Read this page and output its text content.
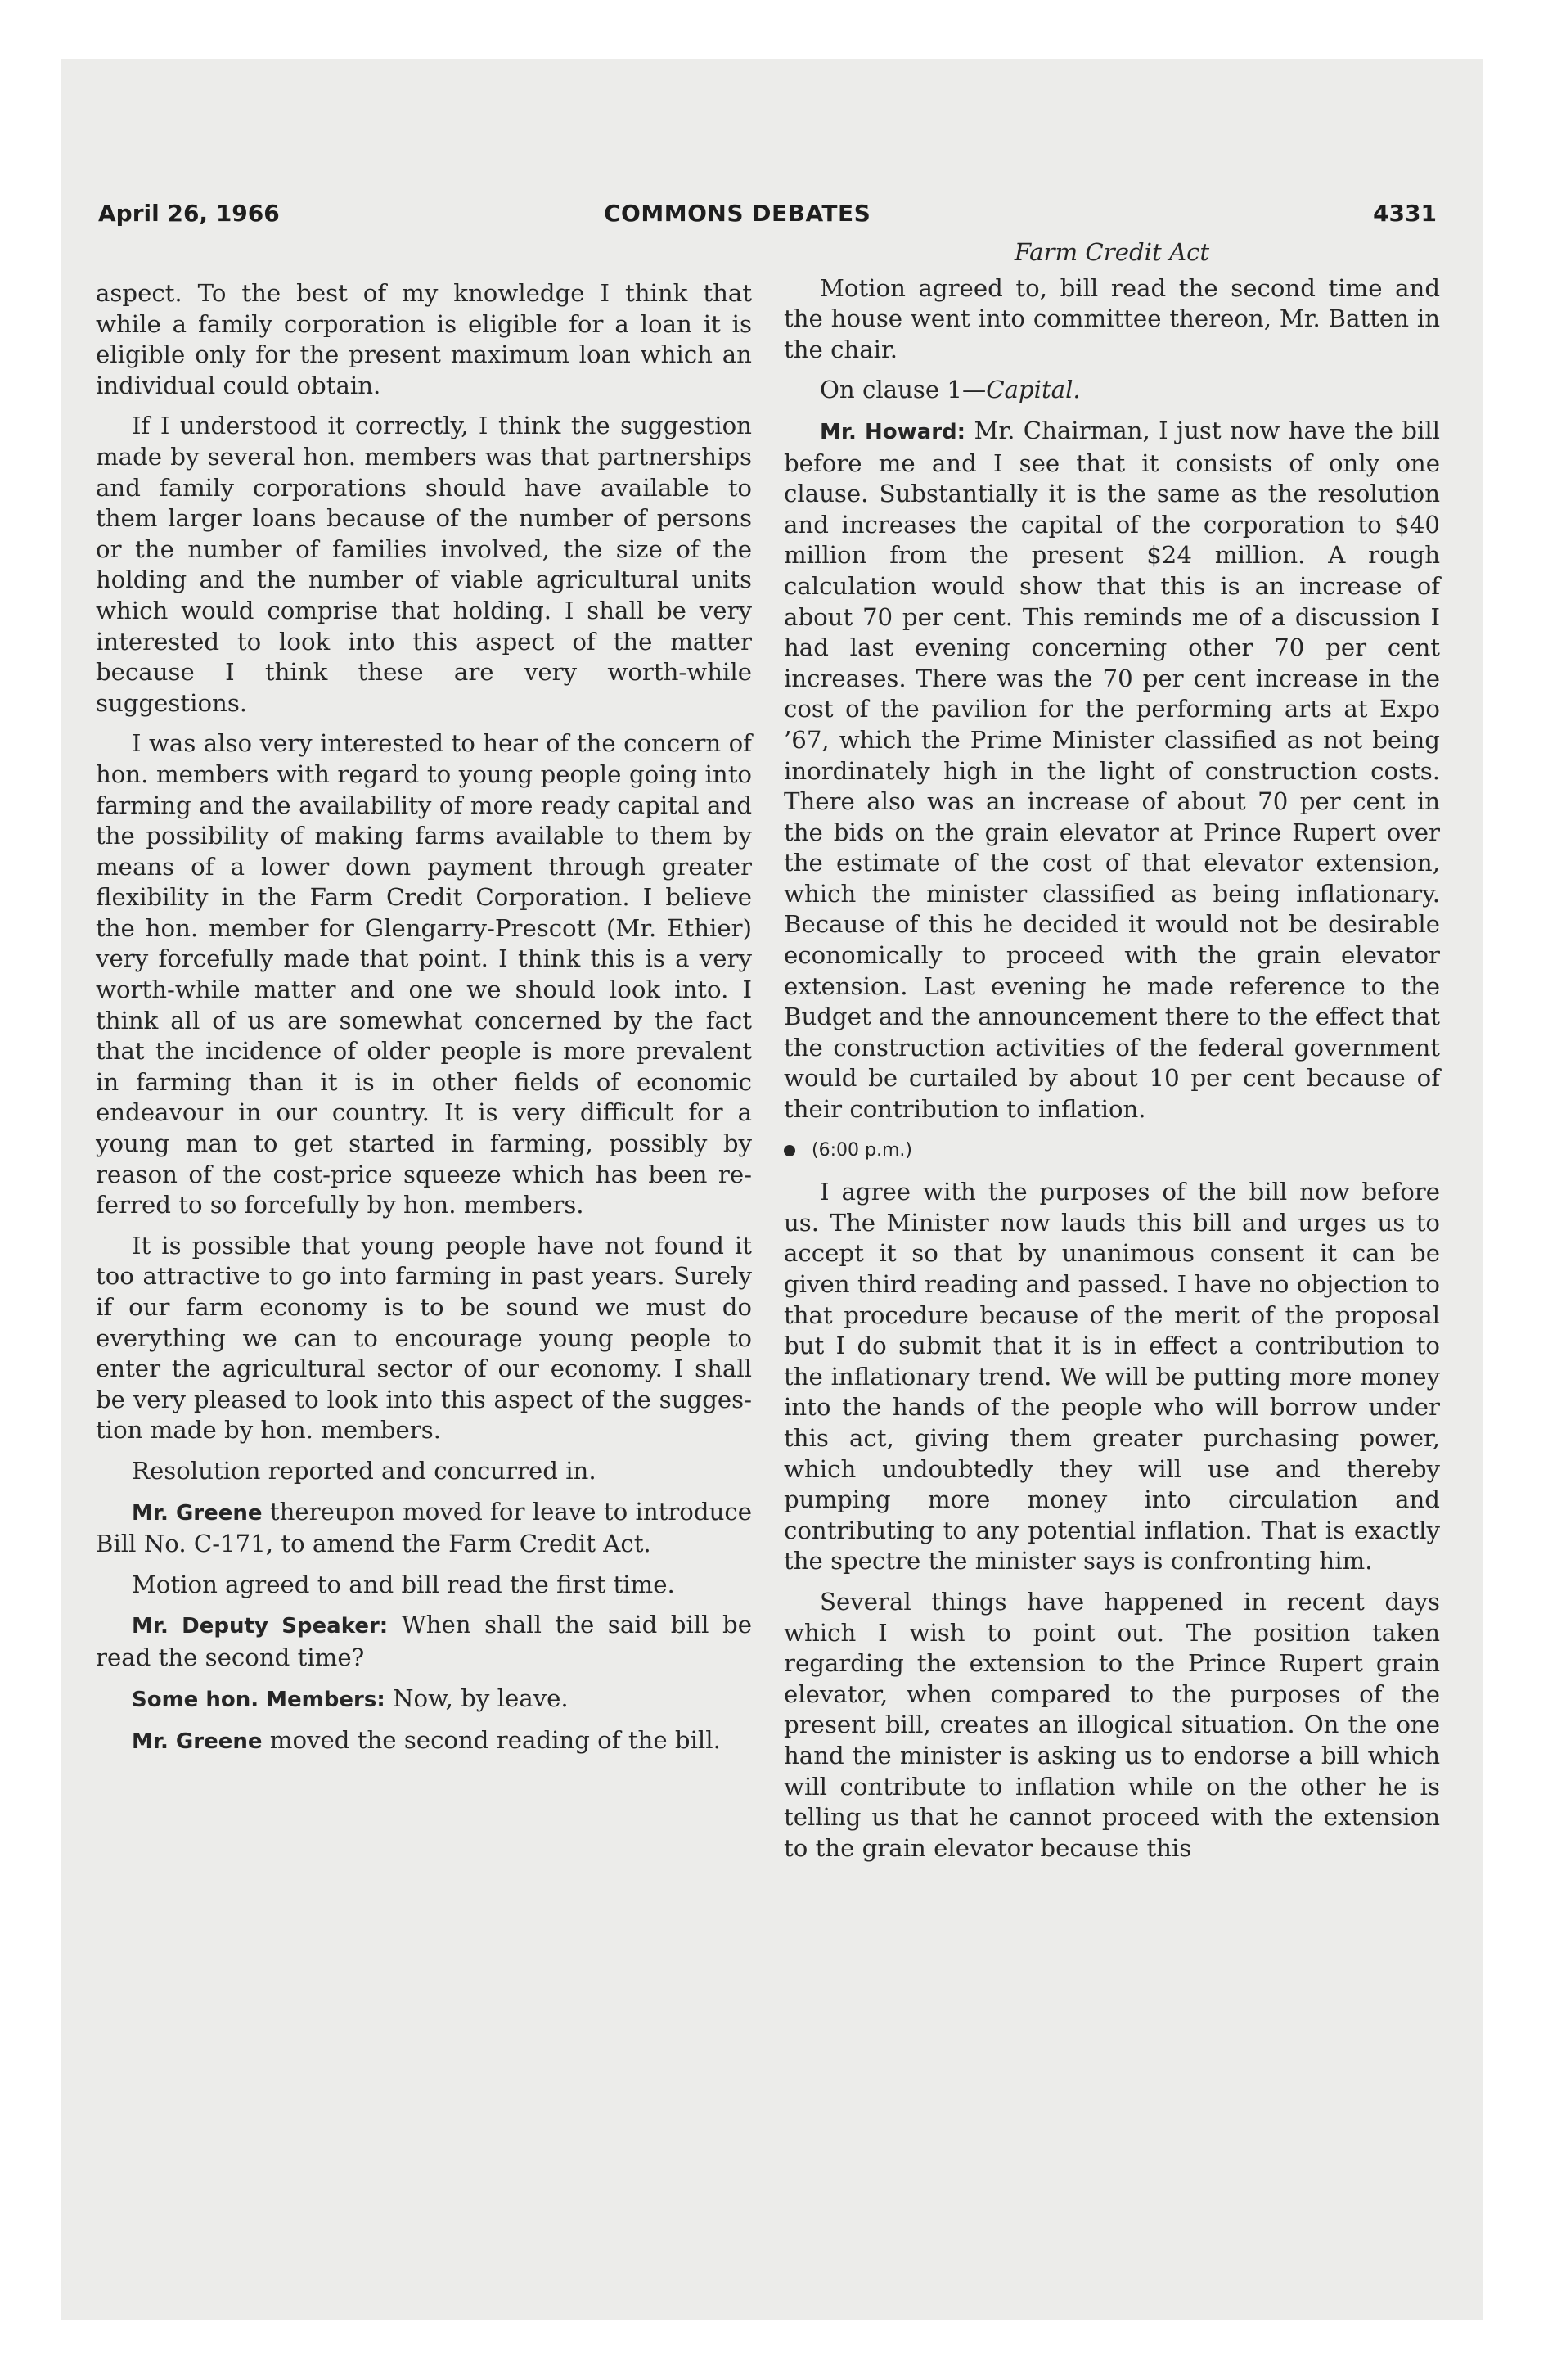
April 26, 1966	COMMONS DEBATES	4331

aspect. To the best of my knowledge I think that while a family corporation is eligible for a loan it is eligible only for the present maximum loan which an individual could obtain.

If I understood it correctly, I think the suggestion made by several hon. members was that partnerships and family corporations should have available to them larger loans because of the number of persons or the number of families involved, the size of the holding and the number of viable agricultural units which would comprise that holding. I shall be very interested to look into this aspect of the matter because I think these are very worth-while suggestions.

I was also very interested to hear of the concern of hon. members with regard to young people going into farming and the availability of more ready capital and the possibility of making farms available to them by means of a lower down payment through greater flexibility in the Farm Credit Corporation. I believe the hon. member for Glengarry-Prescott (Mr. Ethier) very forcefully made that point. I think this is a very worth-while matter and one we should look into. I think all of us are somewhat concerned by the fact that the incidence of older people is more prevalent in farming than it is in other fields of economic endeavour in our country. It is very difficult for a young man to get started in farming, possibly by reason of the cost-price squeeze which has been referred to so forcefully by hon. members.

It is possible that young people have not found it too attractive to go into farming in past years. Surely if our farm economy is to be sound we must do everything we can to encourage young people to enter the agricultural sector of our economy. I shall be very pleased to look into this aspect of the suggestion made by hon. members.

Resolution reported and concurred in.

Mr. Greene thereupon moved for leave to introduce Bill No. C-171, to amend the Farm Credit Act.

Motion agreed to and bill read the first time.

Mr. Deputy Speaker: When shall the said bill be read the second time?

Some hon. Members: Now, by leave.

Mr. Greene moved the second reading of the bill.

Farm Credit Act

Motion agreed to, bill read the second time and the house went into committee thereon, Mr. Batten in the chair.

On clause 1—Capital.

Mr. Howard: Mr. Chairman, I just now have the bill before me and I see that it consists of only one clause. Substantially it is the same as the resolution and increases the capital of the corporation to $40 million from the present $24 million. A rough calculation would show that this is an increase of about 70 per cent. This reminds me of a discussion I had last evening concerning other 70 per cent increases. There was the 70 per cent increase in the cost of the pavilion for the performing arts at Expo ’67, which the Prime Minister classified as not being inordinately high in the light of construction costs. There also was an increase of about 70 per cent in the bids on the grain elevator at Prince Rupert over the estimate of the cost of that elevator extension, which the minister classified as being inflationary. Because of this he decided it would not be desirable economically to proceed with the grain elevator extension. Last evening he made reference to the Budget and the announcement there to the effect that the construction activities of the federal government would be curtailed by about 10 per cent because of their contribution to inflation.

(6:00 p.m.)

I agree with the purposes of the bill now before us. The Minister now lauds this bill and urges us to accept it so that by unanimous consent it can be given third reading and passed. I have no objection to that procedure because of the merit of the proposal but I do submit that it is in effect a contribution to the inflationary trend. We will be putting more money into the hands of the people who will borrow under this act, giving them greater purchasing power, which undoubtedly they will use and thereby pumping more money into circulation and contributing to any potential inflation. That is exactly the spectre the minister says is confronting him.

Several things have happened in recent days which I wish to point out. The position taken regarding the extension to the Prince Rupert grain elevator, when compared to the purposes of the present bill, creates an illogical situation. On the one hand the minister is asking us to endorse a bill which will contribute to inflation while on the other he is telling us that he cannot proceed with the extension to the grain elevator because this
